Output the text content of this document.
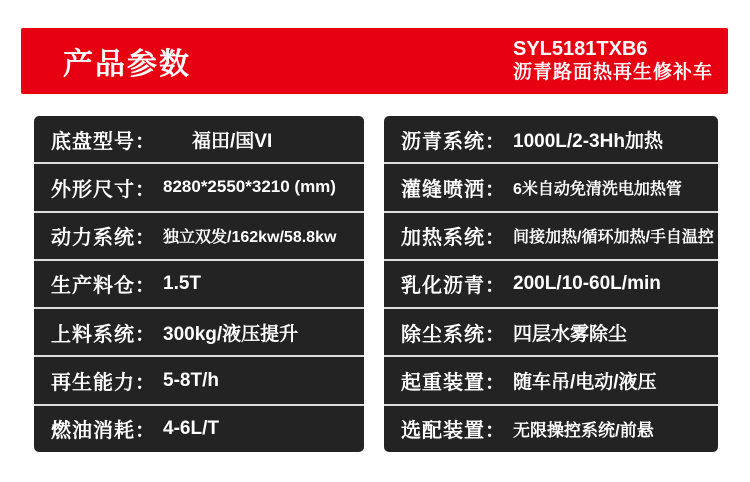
产品参数	SYL5181TXB6
沥青路面热再生修补车
底盘型号： 福田/国VI
外形尺寸： 8280*2550*3210 (mm)
动力系统： 独立双发/162kw/58.8kw
生产料仓： 1.5T
上料系统： 300kg/液压提升
再生能力： 5-8T/h
燃油消耗： 4-6L/T
沥青系统： 1000L/2-3Hh加热
灌缝喷洒： 6米自动免清洗电加热管
加热系统： 间接加热/循环加热/手自温控
乳化沥青： 200L/10-60L/min
除尘系统： 四层水雾除尘
起重装置： 随车吊/电动/液压
选配装置： 无限操控系统/前悬
